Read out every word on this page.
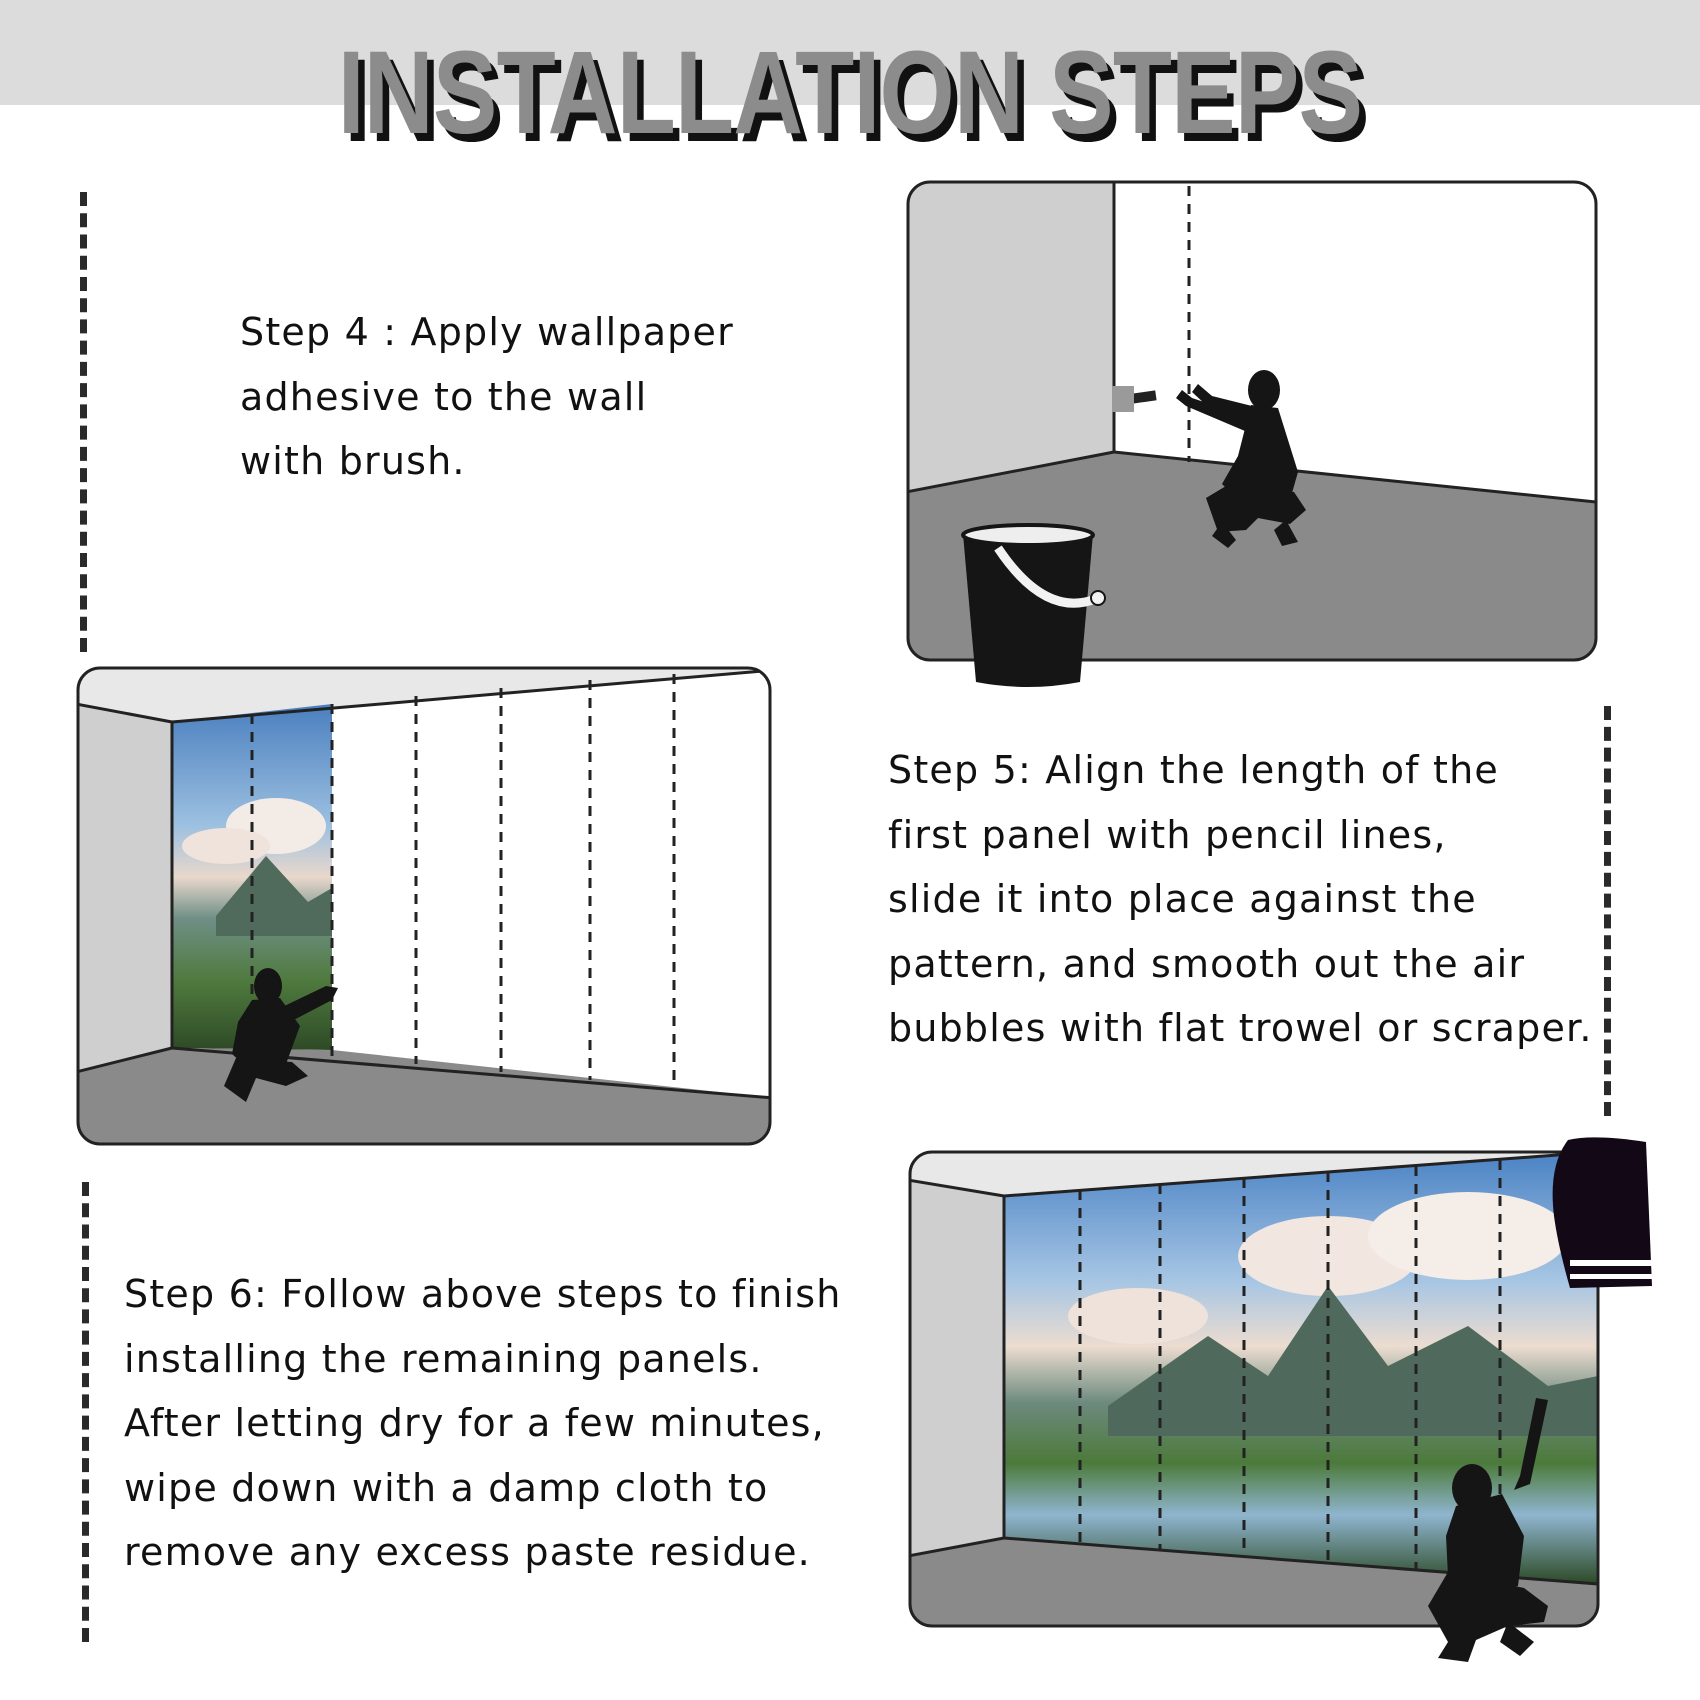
INSTALLATION STEPS

Step 4 : Apply wallpaper
adhesive to the wall
with brush.

Step 5: Align the length of the
first panel with pencil lines,
slide it into place against the
pattern, and smooth out the air
bubbles with flat trowel or scraper.

Step 6: Follow above steps to finish
installing the remaining panels.
After letting dry for a few minutes,
wipe down with a damp cloth to
remove any excess paste residue.
